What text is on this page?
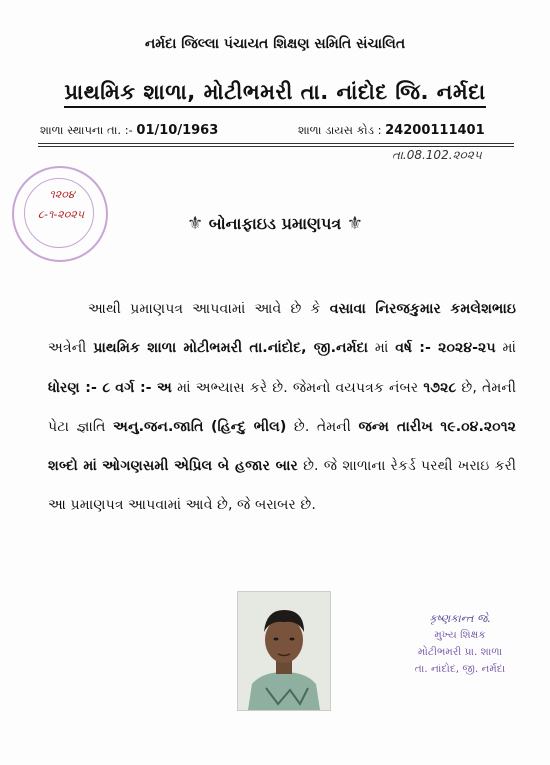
નર્મદા જિલ્લા પંચાયત શિક્ષણ સમિતિ સંચાલિત
પ્રાથમિક શાળા, મોટીભમરી તા. નાંદોદ જિ. નર્મદા
શાળા સ્થાપના તા. :- 01/10/1963	શાળા ડાયસ કોડ : 24200111401
તા.08.102.૨૦૨૫
૧૨૦૪
૮-૧-૨૦૨૫	⚜ બોનાફાઇડ પ્રમાણપત્ર ⚜
આથી પ્રમાણપત્ર આપવામાં આવે છે કે વસાવા નિરજકુમાર કમલેશભાઇ અત્રેની પ્રાથમિક શાળા મોટીભમરી તા.નાંદોદ, જી.નર્મદા માં વર્ષ :- ૨૦૨૪-૨૫ માં ધોરણ :- ૮ વર્ગ :- અ માં અભ્યાસ કરે છે. જેમનો વયપત્રક નંબર ૧૭૨૮ છે, તેમની પેટા જ્ઞાતિ અનુ.જન.જાતિ (હિન્દુ ભીલ) છે. તેમની જન્મ તારીખ ૧૯.૦૪.૨૦૧૨ શબ્દો માં ઓગણસમી એપ્રિલ બે હજાર બાર છે. જે શાળાના રેકર્ડ પરથી ખરાઇ કરી આ પ્રમાણપત્ર આપવામાં આવે છે, જે બરાબર છે.
કૃષ્ણકાન્ત જે.
મુખ્ય શિક્ષક
મોટીભમરી પ્રા. શાળા
તા. નાંદોદ, જી. નર્મદા
